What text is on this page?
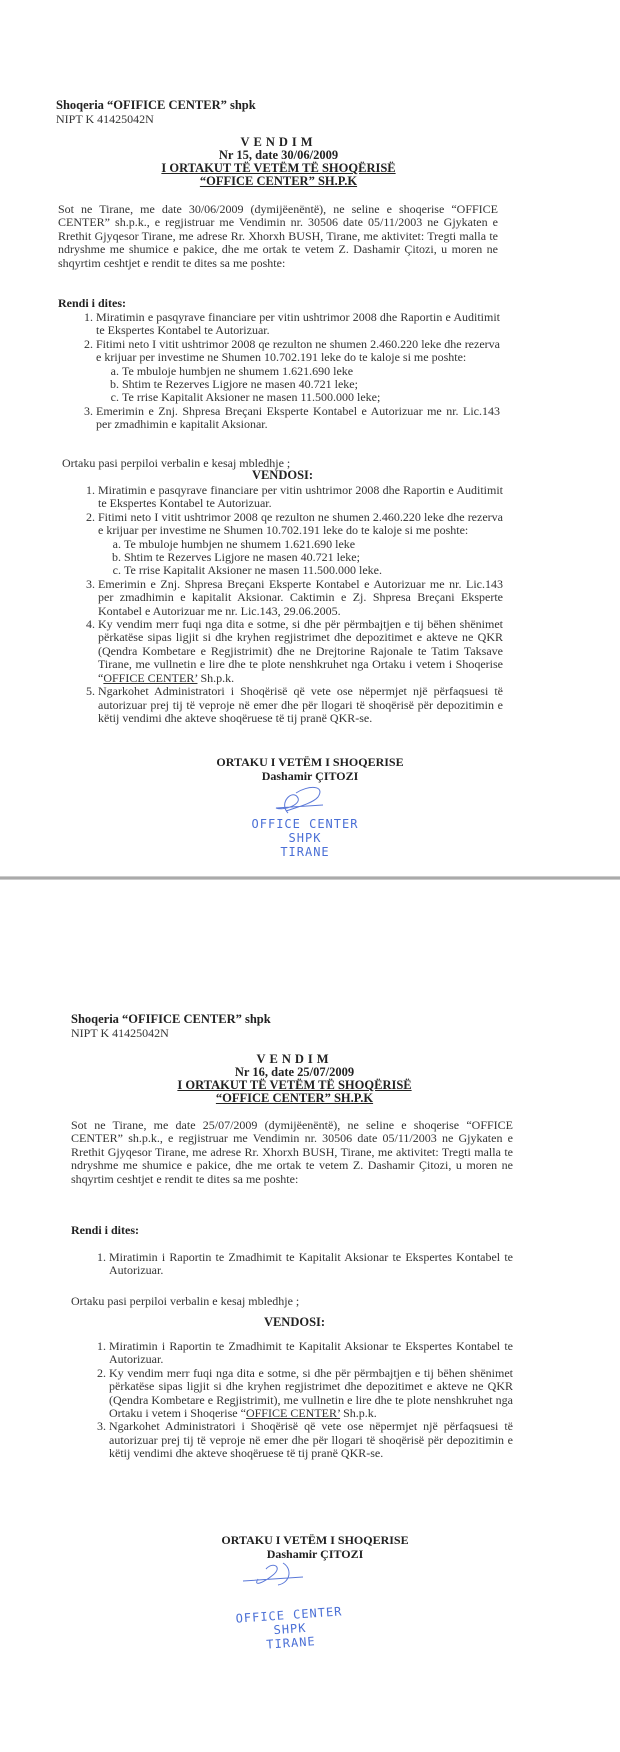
Shoqeria “OFIFICE CENTER” shpk
NIPT K 41425042N
VENDIM
Nr 15, date 30/06/2009
I ORTAKUT TË VETËM TË SHOQËRISË
“OFFICE CENTER” SH.P.K
Sot ne Tirane, me date 30/06/2009 (dymijëenëntë), ne seline e shoqerise “OFFICE CENTER” sh.p.k., e regjistruar me Vendimin nr. 30506 date 05/11/2003 ne Gjykaten e Rrethit Gjyqesor Tirane, me adrese Rr. Xhorxh BUSH, Tirane, me aktivitet: Tregti malla te ndryshme me shumice e pakice, dhe me ortak te vetem Z. Dashamir Çitozi, u moren ne shqyrtim ceshtjet e rendit te dites sa me poshte:
Rendi i dites:
1. Miratimin e pasqyrave financiare per vitin ushtrimor 2008 dhe Raportin e Auditimit te Ekspertes Kontabel te Autorizuar.
2. Fitimi neto I vitit ushtrimor 2008 qe rezulton ne shumen 2.460.220 leke dhe rezerva e krijuar per investime ne Shumen 10.702.191 leke do te kaloje si me poshte:
a. Te mbuloje humbjen ne shumem 1.621.690 leke
b. Shtim te Rezerves Ligjore ne masen 40.721 leke;
c. Te rrise Kapitalit Aksioner ne masen 11.500.000 leke;
3. Emerimin e Znj. Shpresa Breçani Eksperte Kontabel e Autorizuar me nr. Lic.143 per zmadhimin e kapitalit Aksionar.
Ortaku pasi perpiloi verbalin e kesaj mbledhje ;
VENDOSI:
1. Miratimin e pasqyrave financiare per vitin ushtrimor 2008 dhe Raportin e Auditimit te Ekspertes Kontabel te Autorizuar.
2. Fitimi neto I vitit ushtrimor 2008 qe rezulton ne shumen 2.460.220 leke dhe rezerva e krijuar per investime ne Shumen 10.702.191 leke do te kaloje si me poshte:
a. Te mbuloje humbjen ne shumem 1.621.690 leke
b. Shtim te Rezerves Ligjore ne masen 40.721 leke;
c. Te rrise Kapitalit Aksioner ne masen 11.500.000 leke.
3. Emerimin e Znj. Shpresa Breçani Eksperte Kontabel e Autorizuar me nr. Lic.143 per zmadhimin e kapitalit Aksionar. Caktimin e Zj. Shpresa Breçani Eksperte Kontabel e Autorizuar me nr. Lic.143, 29.06.2005.
4. Ky vendim merr fuqi nga dita e sotme, si dhe për përmbajtjen e tij bëhen shënimet përkatëse sipas ligjit si dhe kryhen regjistrimet dhe depozitimet e akteve ne QKR (Qendra Kombetare e Regjistrimit) dhe ne Drejtorine Rajonale te Tatim Taksave Tirane, me vullnetin e lire dhe te plote nenshkruhet nga Ortaku i vetem i Shoqerise “OFFICE CENTER’ Sh.p.k.
5. Ngarkohet Administratori i Shoqërisë që vete ose nëpermjet një përfaqsuesi të autorizuar prej tij të veproje në emer dhe për llogari të shoqërisë për depozitimin e këtij vendimi dhe akteve shoqëruese të tij pranë QKR-se.
ORTAKU I VETËM I SHOQERISE
Dashamir ÇITOZI
OFFICE CENTER
SHPK
TIRANE
Shoqeria “OFIFICE CENTER” shpk
NIPT K 41425042N
VENDIM
Nr 16, date 25/07/2009
I ORTAKUT TË VETËM TË SHOQËRISË
“OFFICE CENTER” SH.P.K
Sot ne Tirane, me date 25/07/2009 (dymijëenëntë), ne seline e shoqerise “OFFICE CENTER” sh.p.k., e regjistruar me Vendimin nr. 30506 date 05/11/2003 ne Gjykaten e Rrethit Gjyqesor Tirane, me adrese Rr. Xhorxh BUSH, Tirane, me aktivitet: Tregti malla te ndryshme me shumice e pakice, dhe me ortak te vetem Z. Dashamir Çitozi, u moren ne shqyrtim ceshtjet e rendit te dites sa me poshte:
Rendi i dites:
1. Miratimin i Raportin te Zmadhimit te Kapitalit Aksionar te Ekspertes Kontabel te Autorizuar.
Ortaku pasi perpiloi verbalin e kesaj mbledhje ;
VENDOSI:
1. Miratimin i Raportin te Zmadhimit te Kapitalit Aksionar te Ekspertes Kontabel te Autorizuar.
2. Ky vendim merr fuqi nga dita e sotme, si dhe për përmbajtjen e tij bëhen shënimet përkatëse sipas ligjit si dhe kryhen regjistrimet dhe depozitimet e akteve ne QKR (Qendra Kombetare e Regjistrimit), me vullnetin e lire dhe te plote nenshkruhet nga Ortaku i vetem i Shoqerise “OFFICE CENTER’ Sh.p.k.
3. Ngarkohet Administratori i Shoqërisë që vete ose nëpermjet një përfaqsuesi të autorizuar prej tij të veproje në emer dhe për llogari të shoqërisë për depozitimin e këtij vendimi dhe akteve shoqëruese të tij pranë QKR-se.
ORTAKU I VETËM I SHOQERISE
Dashamir ÇITOZI
OFFICE CENTER
SHPK
TIRANE
